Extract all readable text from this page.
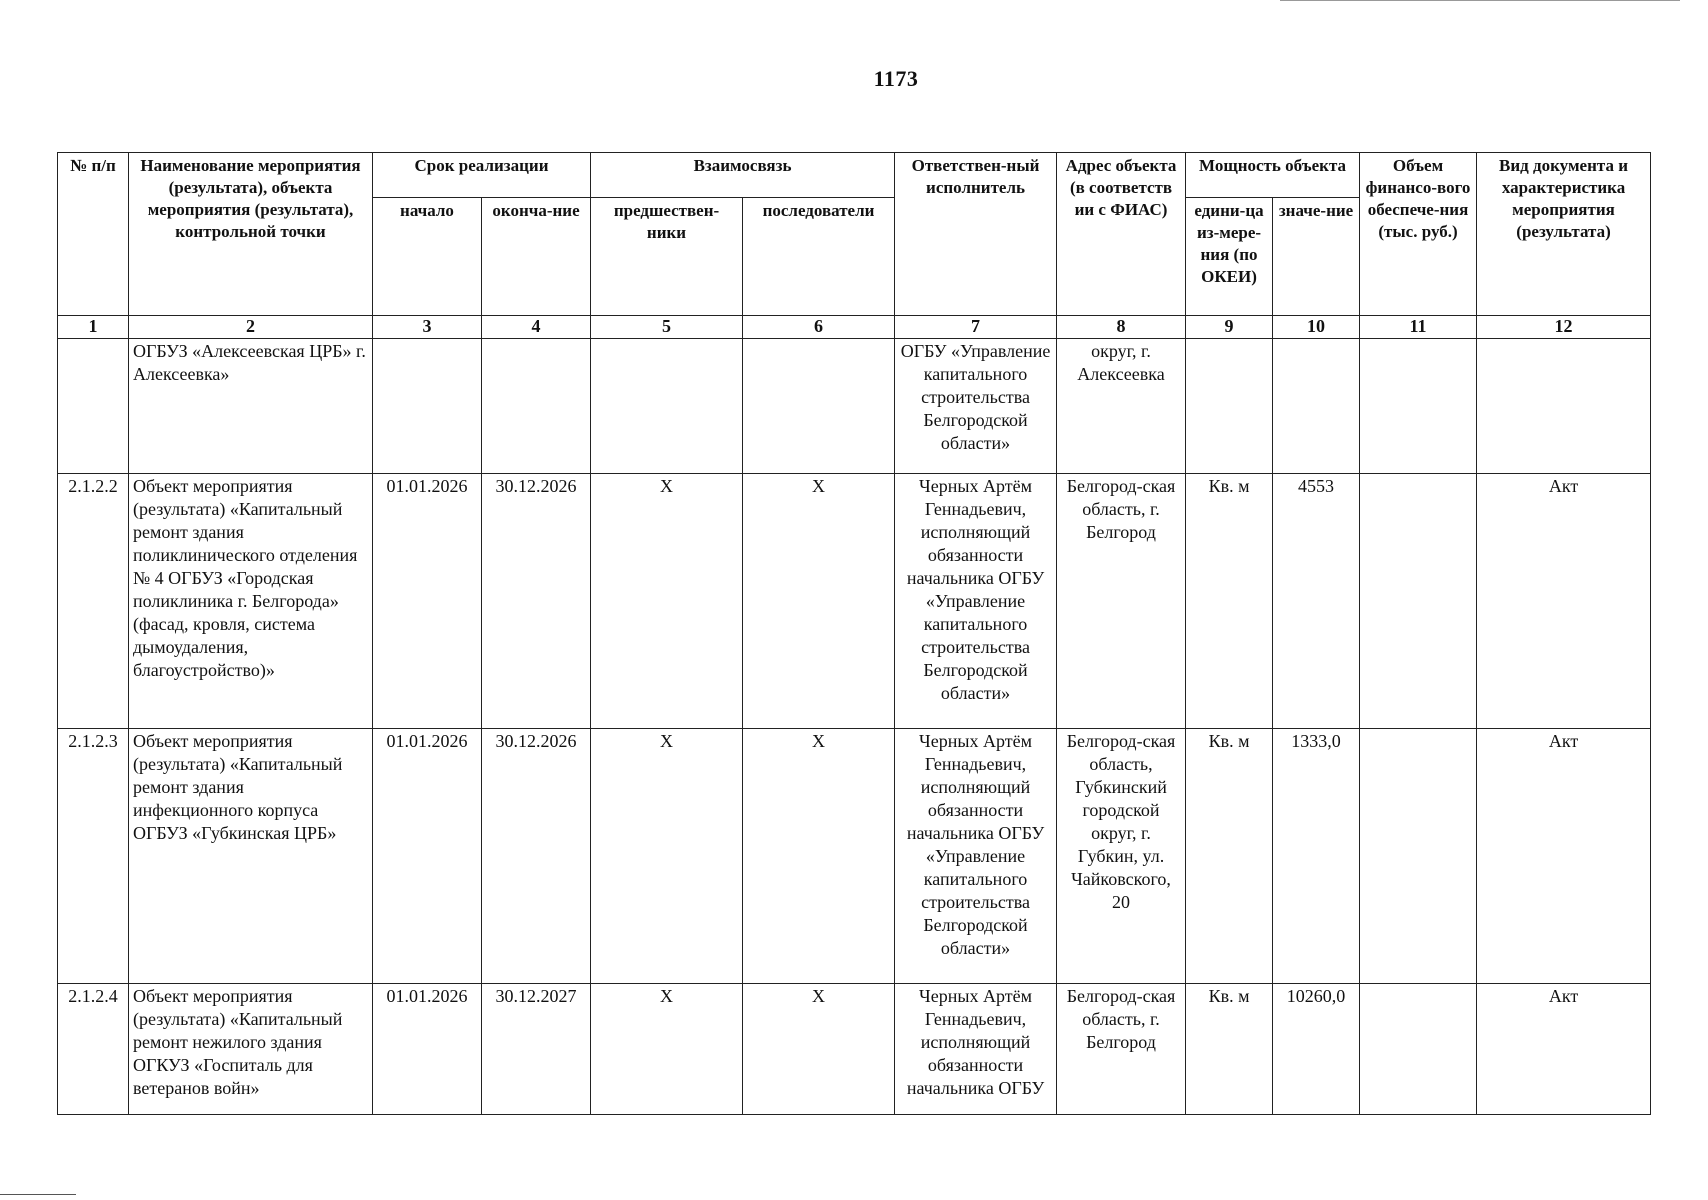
1173
№ п/п	Наименование мероприятия (результата), объекта мероприятия (результата), контрольной точки	Срок реализации		Взаимосвязь		Ответствен-ный исполнитель	Адрес объекта (в соответств ии с ФИАС)	Мощность объекта		Объем финансо-вого обеспече-ния (тыс. руб.)	Вид документа и характеристика мероприятия (результата)
		начало	оконча-ние	предшествен-ники	последователи			едини-ца из-мере-ния (по ОКЕИ)	значе-ние		
1	2	3	4	5	6	7	8	9	10	11	12
	ОГБУЗ «Алексеевская ЦРБ» г. Алексеевка»					ОГБУ «Управление капитального строительства Белгородской области»	округ, г. Алексеевка				
2.1.2.2	Объект мероприятия (результата) «Капитальный ремонт здания поликлинического отделения № 4 ОГБУЗ «Городская поликлиника г. Белгорода» (фасад, кровля, система дымоудаления, благоустройство)»	01.01.2026	30.12.2026	Х	Х	Черных Артём Геннадьевич, исполняющий обязанности начальника ОГБУ «Управление капитального строительства Белгородской области»	Белгород-ская область, г. Белгород	Кв. м	4553		Акт
2.1.2.3	Объект мероприятия (результата) «Капитальный ремонт здания инфекционного корпуса ОГБУЗ «Губкинская ЦРБ»	01.01.2026	30.12.2026	Х	Х	Черных Артём Геннадьевич, исполняющий обязанности начальника ОГБУ «Управление капитального строительства Белгородской области»	Белгород-ская область, Губкинский городской округ, г. Губкин, ул. Чайковского, 20	Кв. м	1333,0		Акт
2.1.2.4	Объект мероприятия (результата) «Капитальный ремонт нежилого здания ОГКУЗ «Госпиталь для ветеранов войн»	01.01.2026	30.12.2027	Х	Х	Черных Артём Геннадьевич, исполняющий обязанности начальника ОГБУ	Белгород-ская область, г. Белгород	Кв. м	10260,0		Акт
